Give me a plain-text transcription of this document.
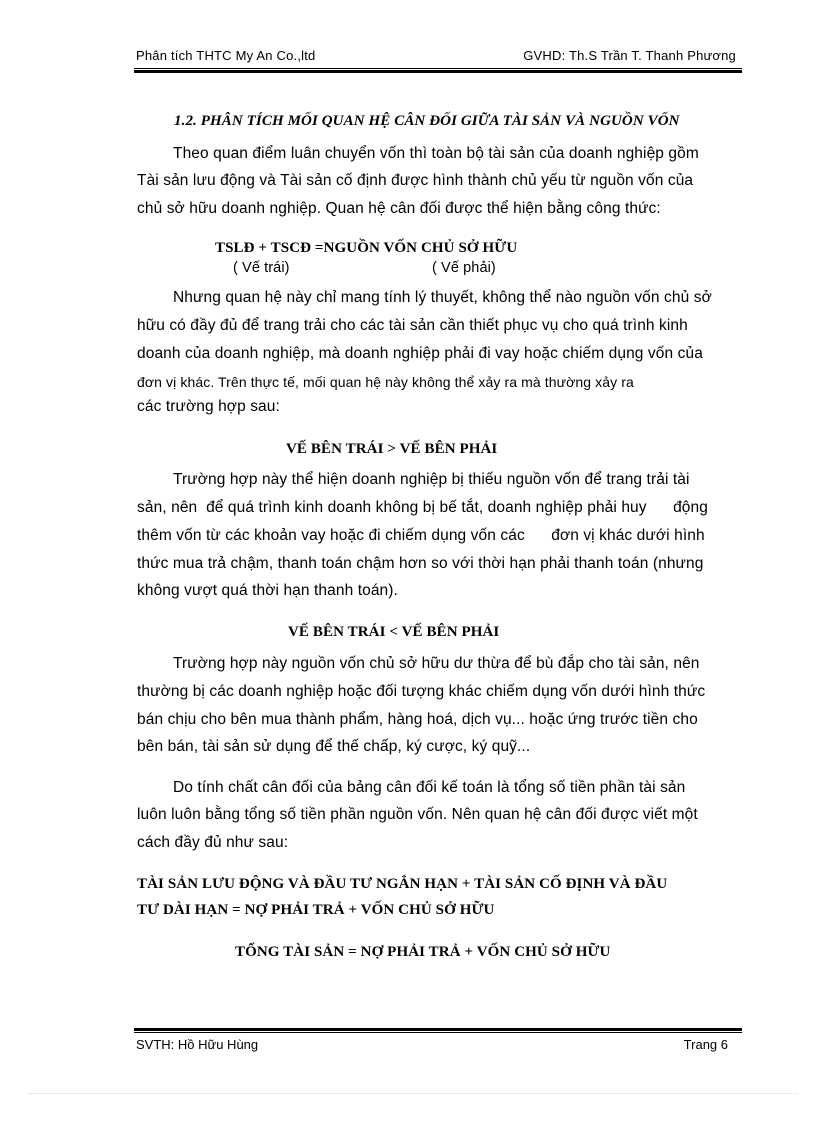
Phân tích THTC My An Co.,ltd	GVHD: Th.S Trần T. Thanh Phương
1.2. PHÂN TÍCH MỐI QUAN HỆ CÂN ĐỐI GIỮA TÀI SẢN VÀ NGUỒN VỐN
Theo quan điểm luân chuyển vốn thì toàn bộ tài sản của doanh nghiệp gồm
Tài sản lưu động và Tài sản cố định được hình thành chủ yếu từ nguồn vốn của
chủ sở hữu doanh nghiệp. Quan hệ cân đối được thể hiện bằng công thức:
TSLĐ + TSCĐ =NGUỒN VỐN CHỦ SỞ HỮU
( Vế trái)	( Vế phải)
Nhưng quan hệ này chỉ mang tính lý thuyết, không thể nào nguồn vốn chủ sở
hữu có đầy đủ để trang trải cho các tài sản cần thiết phục vụ cho quá trình kinh
doanh của doanh nghiệp, mà doanh nghiệp phải đi vay hoặc chiếm dụng vốn của
đơn vị khác. Trên thực tế, mối quan hệ này không thể xảy ra mà thường xảy ra
các trường hợp sau:
VẾ BÊN TRÁI > VẾ BÊN PHẢI
Trường hợp này thể hiện doanh nghiệp bị thiếu nguồn vốn để trang trải tài
sản, nên  để quá trình kinh doanh không bị bế tắt, doanh nghiệp phải huy      động
thêm vốn từ các khoản vay hoặc đi chiếm dụng vốn các      đơn vị khác dưới hình
thức mua trả chậm, thanh toán chậm hơn so với thời hạn phải thanh toán (nhưng
không vượt quá thời hạn thanh toán).
VẾ BÊN TRÁI < VẾ BÊN PHẢI
Trường hợp này nguồn vốn chủ sở hữu dư thừa để bù đắp cho tài sản, nên
thường bị các doanh nghiệp hoặc đối tượng khác chiếm dụng vốn dưới hình thức
bán chịu cho bên mua thành phẩm, hàng hoá, dịch vụ... hoặc ứng trước tiền cho
bên bán, tài sản sử dụng để thế chấp, ký cược, ký quỹ...
Do tính chất cân đối của bảng cân đối kế toán là tổng số tiền phần tài sản
luôn luôn bằng tổng số tiền phần nguồn vốn. Nên quan hệ cân đối được viết một
cách đầy đủ như sau:
TÀI SẢN LƯU ĐỘNG VÀ ĐẦU TƯ NGẮN HẠN + TÀI SẢN CỐ ĐỊNH VÀ ĐẦU
TƯ DÀI HẠN = NỢ PHẢI TRẢ + VỐN CHỦ SỞ HỮU
TỔNG TÀI SẢN = NỢ PHẢI TRẢ + VỐN CHỦ SỞ HỮU
SVTH: Hồ Hữu Hùng	Trang 6
